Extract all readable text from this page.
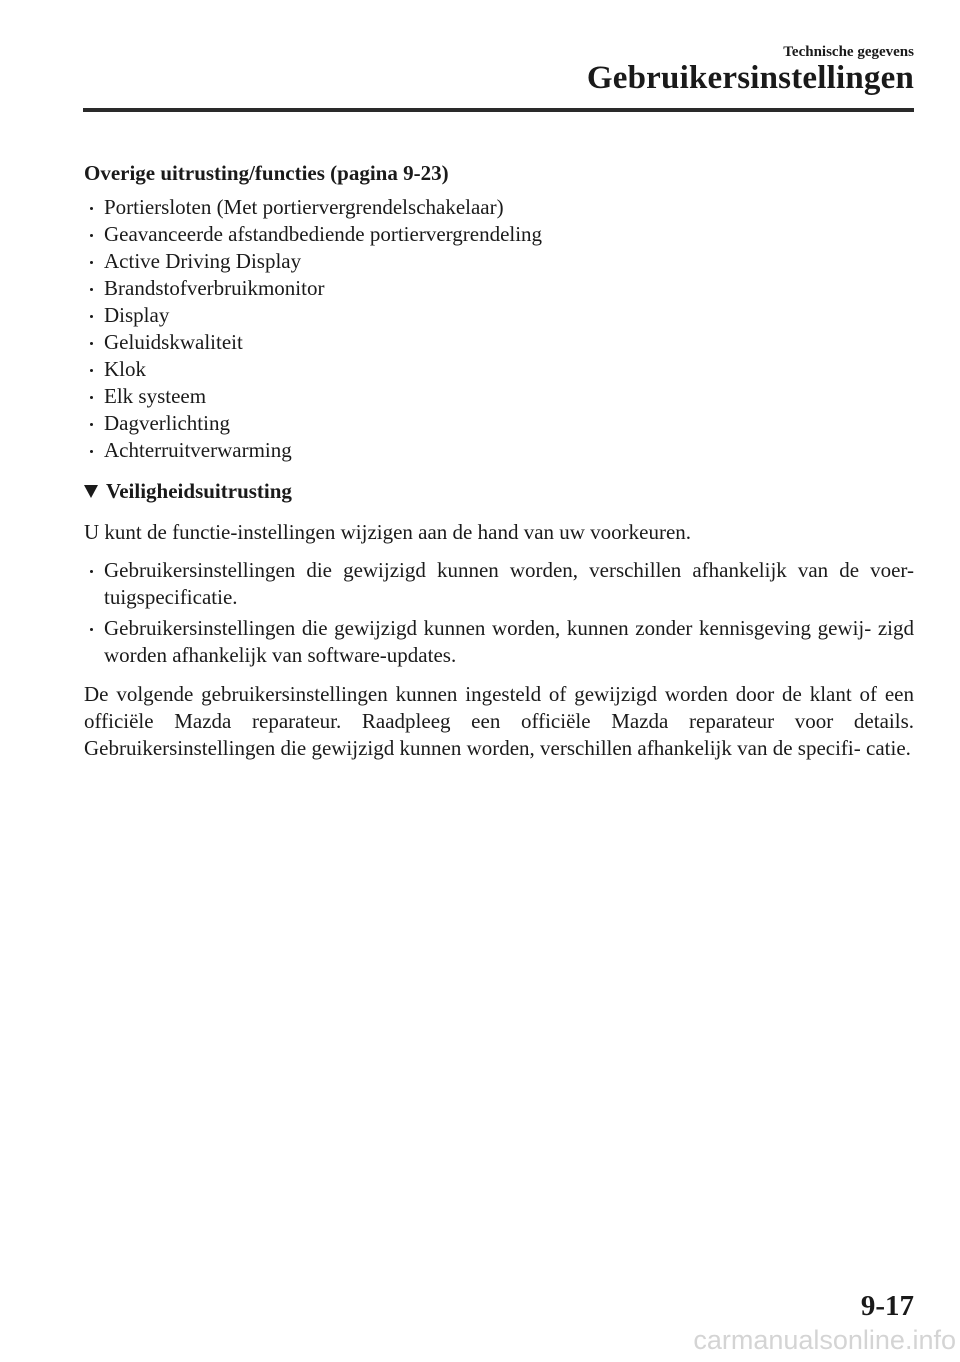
Technische gegevens
Gebruikersinstellingen
Overige uitrusting/functies (pagina 9-23)
Portiersloten (Met portiervergrendelschakelaar)
Geavanceerde afstandbediende portiervergrendeling
Active Driving Display
Brandstofverbruikmonitor
Display
Geluidskwaliteit
Klok
Elk systeem
Dagverlichting
Achterruitverwarming
Veiligheidsuitrusting

U kunt de functie-instellingen wijzigen aan de hand van uw voorkeuren.

Gebruikersinstellingen die gewijzigd kunnen worden, verschillen afhankelijk van de voer- tuigspecificatie.
Gebruikersinstellingen die gewijzigd kunnen worden, kunnen zonder kennisgeving gewij- zigd worden afhankelijk van software-updates.

De volgende gebruikersinstellingen kunnen ingesteld of gewijzigd worden door de klant of een officiële Mazda reparateur. Raadpleeg een officiële Mazda reparateur voor details. Gebruikersinstellingen die gewijzigd kunnen worden, verschillen afhankelijk van de specifi- catie.

9-17
carmanualsonline.info
